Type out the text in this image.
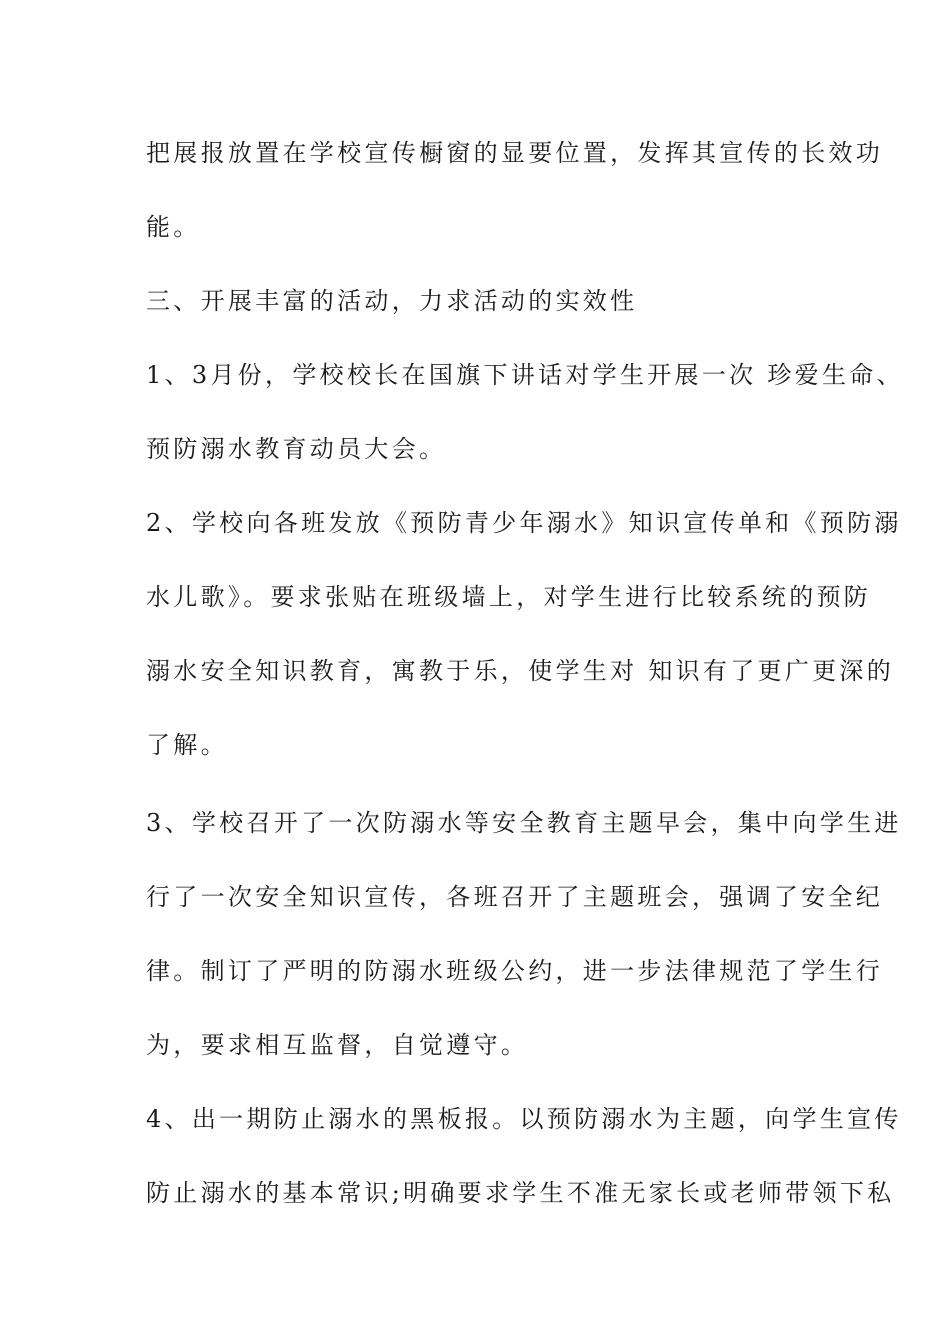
把展报放置在学校宣传橱窗的显要位置，发挥其宣传的长效功
能。
三、开展丰富的活动，力求活动的实效性
1、3月份，学校校长在国旗下讲话对学生开展一次 珍爱生命、
预防溺水教育动员大会。
2、学校向各班发放《预防青少年溺水》知识宣传单和《预防溺
水儿歌》。要求张贴在班级墙上，对学生进行比较系统的预防
溺水安全知识教育，寓教于乐，使学生对 知识有了更广更深的
了解。
3、学校召开了一次防溺水等安全教育主题早会，集中向学生进
行了一次安全知识宣传，各班召开了主题班会，强调了安全纪
律。制订了严明的防溺水班级公约，进一步法律规范了学生行
为，要求相互监督，自觉遵守。
4、出一期防止溺水的黑板报。以预防溺水为主题，向学生宣传
防止溺水的基本常识;明确要求学生不准无家长或老师带领下私
